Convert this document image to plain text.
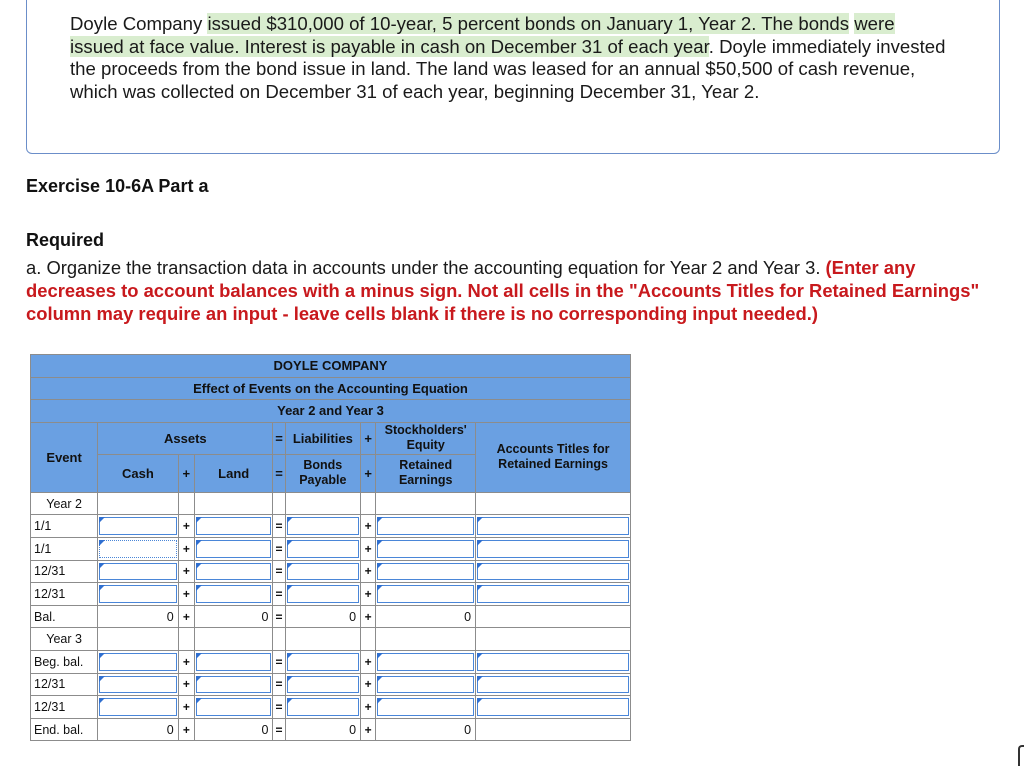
Doyle Company issued $310,000 of 10-year, 5 percent bonds on January 1, Year 2. The bonds were issued at face value. Interest is payable in cash on December 31 of each year. Doyle immediately invested the proceeds from the bond issue in land. The land was leased for an annual $50,500 of cash revenue, which was collected on December 31 of each year, beginning December 31, Year 2.
Exercise 10-6A Part a
Required
a. Organize the transaction data in accounts under the accounting equation for Year 2 and Year 3. (Enter any decreases to account balances with a minus sign. Not all cells in the "Accounts Titles for Retained Earnings" column may require an input - leave cells blank if there is no corresponding input needed.)
DOYLE COMPANY								
Effect of Events on the Accounting Equation								
Year 2 and Year 3								
Event	Assets			=	Liabilities	+	Stockholders' Equity	Accounts Titles for Retained Earnings
	Cash	+	Land	=	Bonds Payable	+	Retained Earnings	
Year 2								
1/1		+		=		+	

1/1		+		=		+	

12/31		+		=		+	

12/31		+		=		+	

Bal.	0	+	0	=	0	+	0	
Year 3								
Beg. bal.		+		=		+	

12/31		+		=		+	

12/31		+		=		+	

End. bal.	0	+	0	=	0	+	0	
